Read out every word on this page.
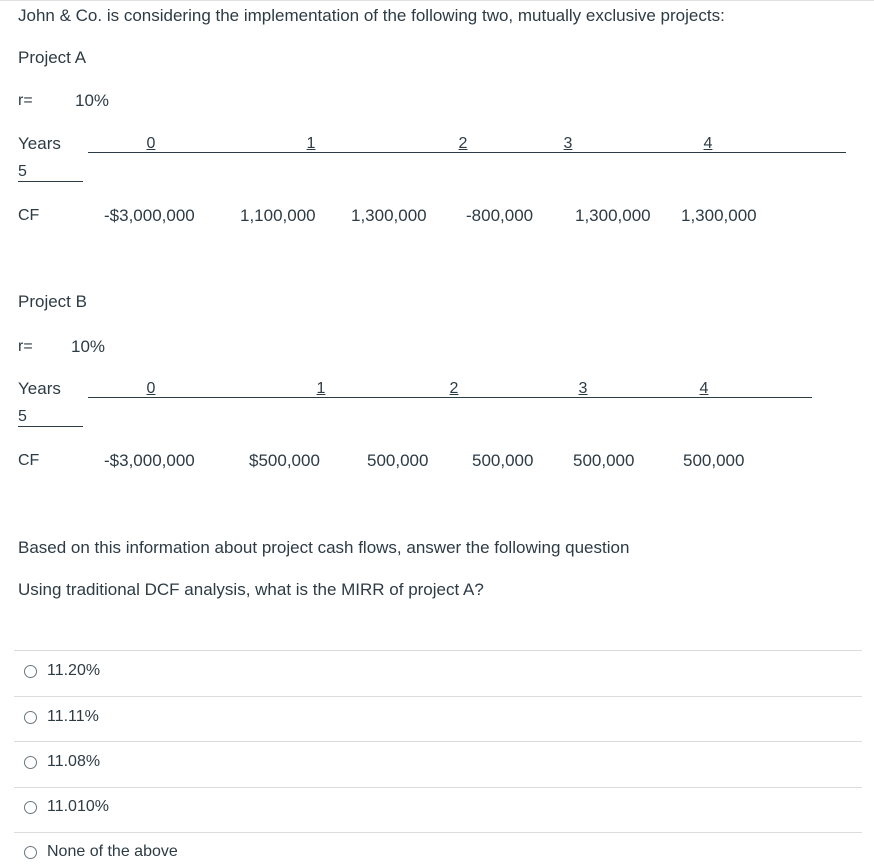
John & Co. is considering the implementation of the following two, mutually exclusive projects:
Project A
r= 10%
Years	0	1	2	3	4
5
CF	-$3,000,000	1,100,000 1,300,000 -800,000 1,300,000 1,300,000
Project B
r= 10%
Years	0	1	2	3	4
5
CF	-$3,000,000	$500,000	500,000	500,000 500,000	500,000
Based on this information about project cash flows, answer the following question
Using traditional DCF analysis, what is the MIRR of project A?
11.20%
11.11%
11.08%
11.010%
None of the above
